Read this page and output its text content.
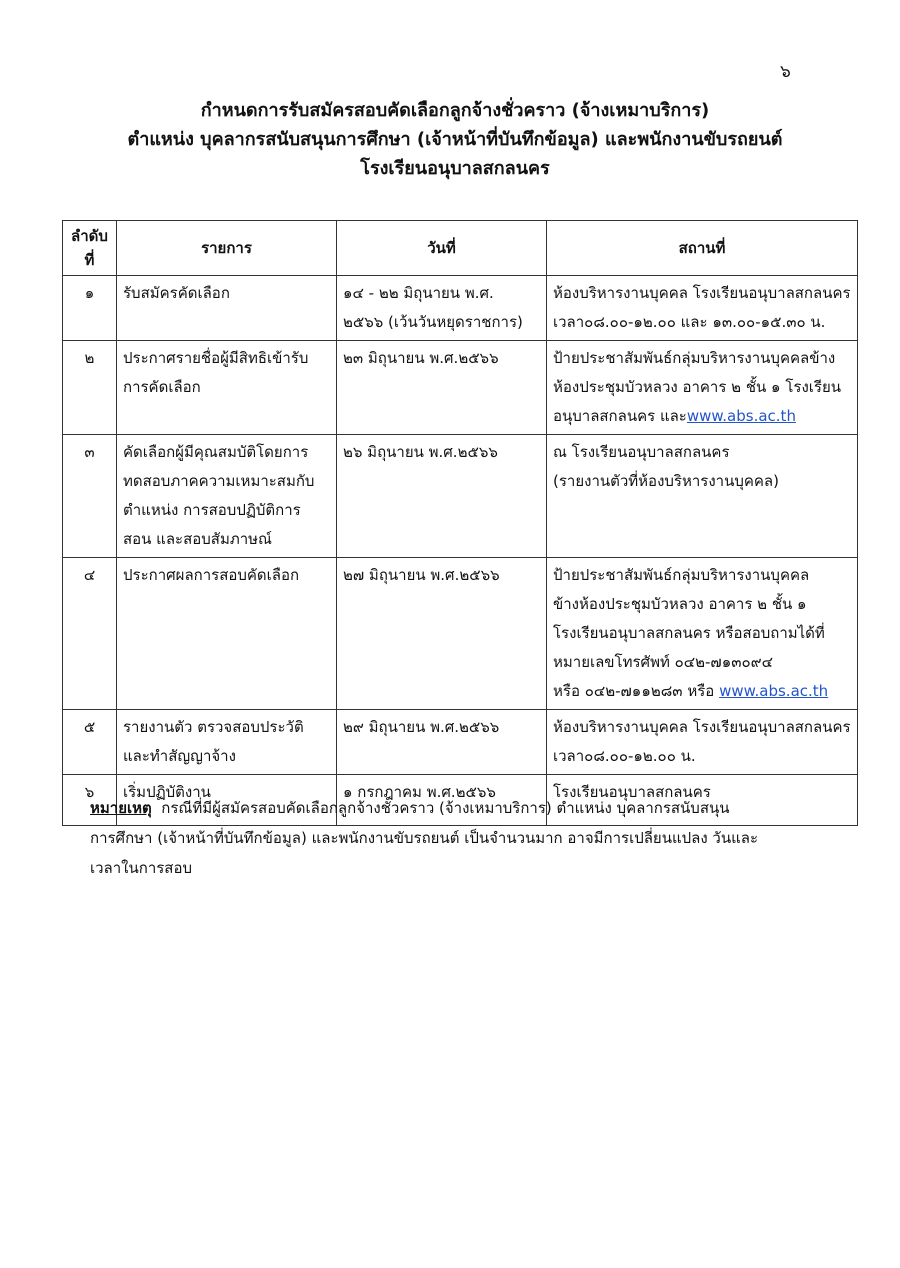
๖
กำหนดการรับสมัครสอบคัดเลือกลูกจ้างชั่วคราว (จ้างเหมาบริการ)
ตำแหน่ง บุคลากรสนับสนุนการศึกษา (เจ้าหน้าที่บันทึกข้อมูล) และพนักงานขับรถยนต์
โรงเรียนอนุบาลสกลนคร
ลำดับ
ที่	รายการ	วันที่	สถานที่
๑	รับสมัครคัดเลือก	๑๔ - ๒๒ มิถุนายน พ.ศ.
๒๕๖๖ (เว้นวันหยุดราชการ)	ห้องบริหารงานบุคคล โรงเรียนอนุบาลสกลนคร
เวลา๐๘.๐๐-๑๒.๐๐ และ ๑๓.๐๐-๑๕.๓๐ น.

๒	ประกาศรายชื่อผู้มีสิทธิเข้ารับ
การคัดเลือก	๒๓ มิถุนายน พ.ศ.๒๕๖๖	ป้ายประชาสัมพันธ์กลุ่มบริหารงานบุคคลข้าง
ห้องประชุมบัวหลวง อาคาร ๒ ชั้น ๑ โรงเรียน
อนุบาลสกลนคร และwww.abs.ac.th

๓	คัดเลือกผู้มีคุณสมบัติโดยการ
ทดสอบภาคความเหมาะสมกับ
ตำแหน่ง การสอบปฏิบัติการ
สอน และสอบสัมภาษณ์	๒๖ มิถุนายน พ.ศ.๒๕๖๖	ณ โรงเรียนอนุบาลสกลนคร
(รายงานตัวที่ห้องบริหารงานบุคคล)

๔	ประกาศผลการสอบคัดเลือก	๒๗ มิถุนายน พ.ศ.๒๕๖๖	ป้ายประชาสัมพันธ์กลุ่มบริหารงานบุคคล
ข้างห้องประชุมบัวหลวง อาคาร ๒ ชั้น ๑
โรงเรียนอนุบาลสกลนคร หรือสอบถามได้ที่
หมายเลขโทรศัพท์ ๐๔๒-๗๑๓๐๙๔
หรือ ๐๔๒-๗๑๑๒๘๓ หรือ www.abs.ac.th

๕	รายงานตัว ตรวจสอบประวัติ
และทำสัญญาจ้าง	๒๙ มิถุนายน พ.ศ.๒๕๖๖	ห้องบริหารงานบุคคล โรงเรียนอนุบาลสกลนคร
เวลา๐๘.๐๐-๑๒.๐๐ น.

๖	เริ่มปฏิบัติงาน	๑ กรกฎาคม พ.ศ.๒๕๖๖	โรงเรียนอนุบาลสกลนคร
หมายเหตุ กรณีที่มีผู้สมัครสอบคัดเลือกลูกจ้างชั่วคราว (จ้างเหมาบริการ) ตำแหน่ง บุคลากรสนับสนุน
การศึกษา (เจ้าหน้าที่บันทึกข้อมูล) และพนักงานขับรถยนต์ เป็นจำนวนมาก อาจมีการเปลี่ยนแปลง วันและ
เวลาในการสอบ
